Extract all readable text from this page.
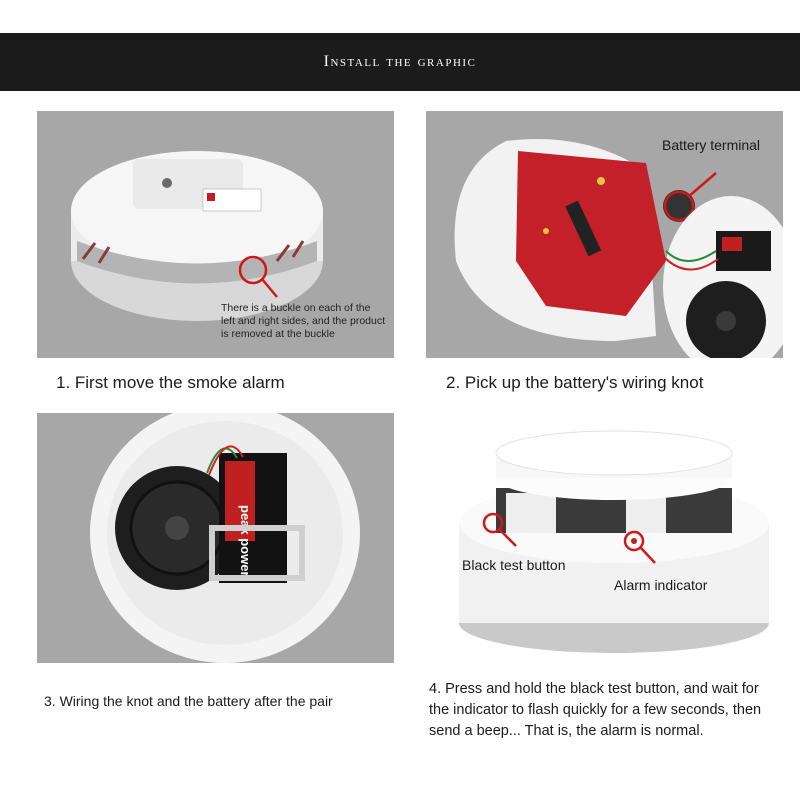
Install the graphic
There is a buckle on each of the left and right sides, and the product is removed at the buckle
1. First move the smoke alarm
Battery terminal
2. Pick up the battery's wiring knot
peak power
3. Wiring the knot and the battery after the pair
Black test button
Alarm indicator
4. Press and hold the black test button, and wait for the indicator to flash quickly for a few seconds, then send a beep... That is, the alarm is normal.
